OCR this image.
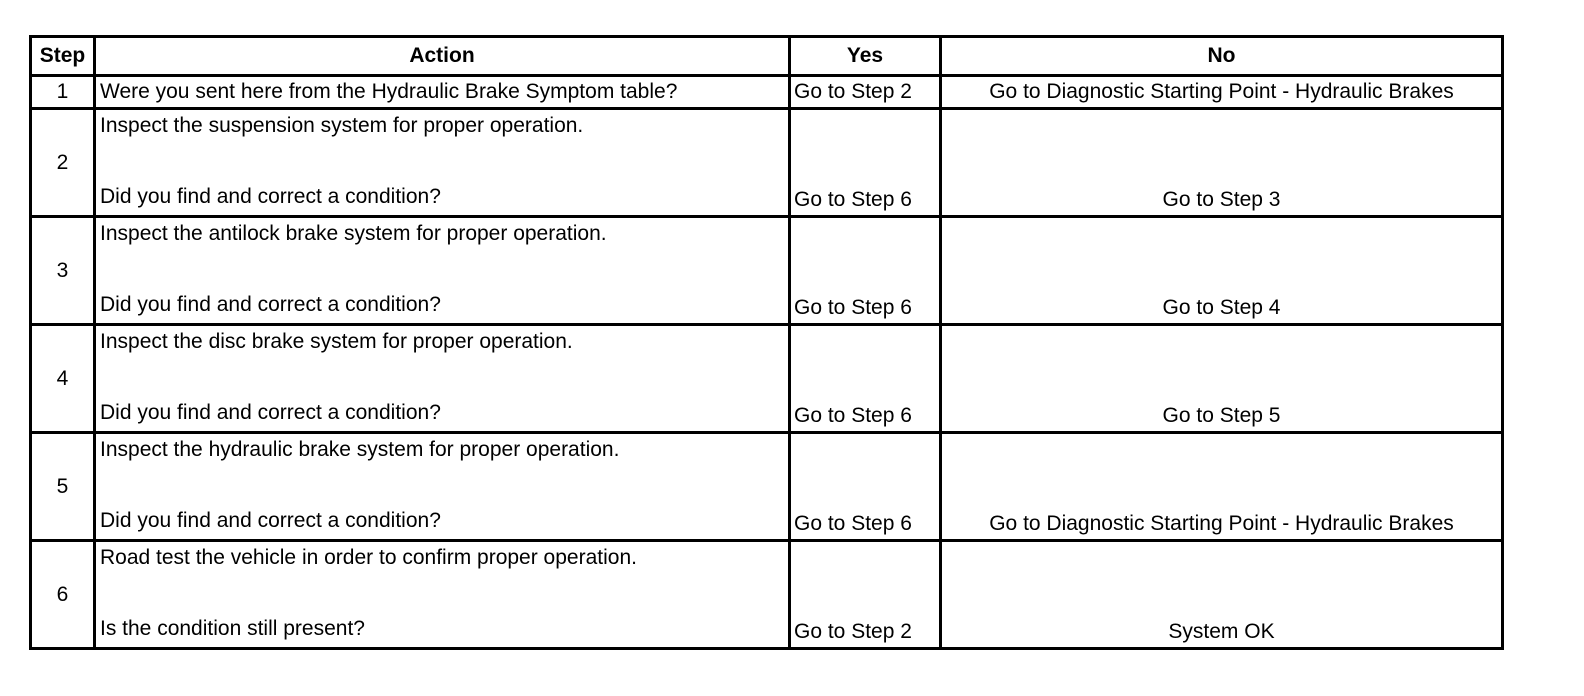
Step	Action	Yes	No
1	Were you sent here from the Hydraulic Brake Symptom table?	Go to Step 2	Go to Diagnostic Starting Point - Hydraulic Brakes
2	Inspect the suspension system for proper operation.
Did you find and correct a condition?	Go to Step 6	Go to Step 3
3	Inspect the antilock brake system for proper operation.
Did you find and correct a condition?	Go to Step 6	Go to Step 4
4	Inspect the disc brake system for proper operation.
Did you find and correct a condition?	Go to Step 6	Go to Step 5
5	Inspect the hydraulic brake system for proper operation.
Did you find and correct a condition?	Go to Step 6	Go to Diagnostic Starting Point - Hydraulic Brakes
6	Road test the vehicle in order to confirm proper operation.
Is the condition still present?	Go to Step 2	System OK
